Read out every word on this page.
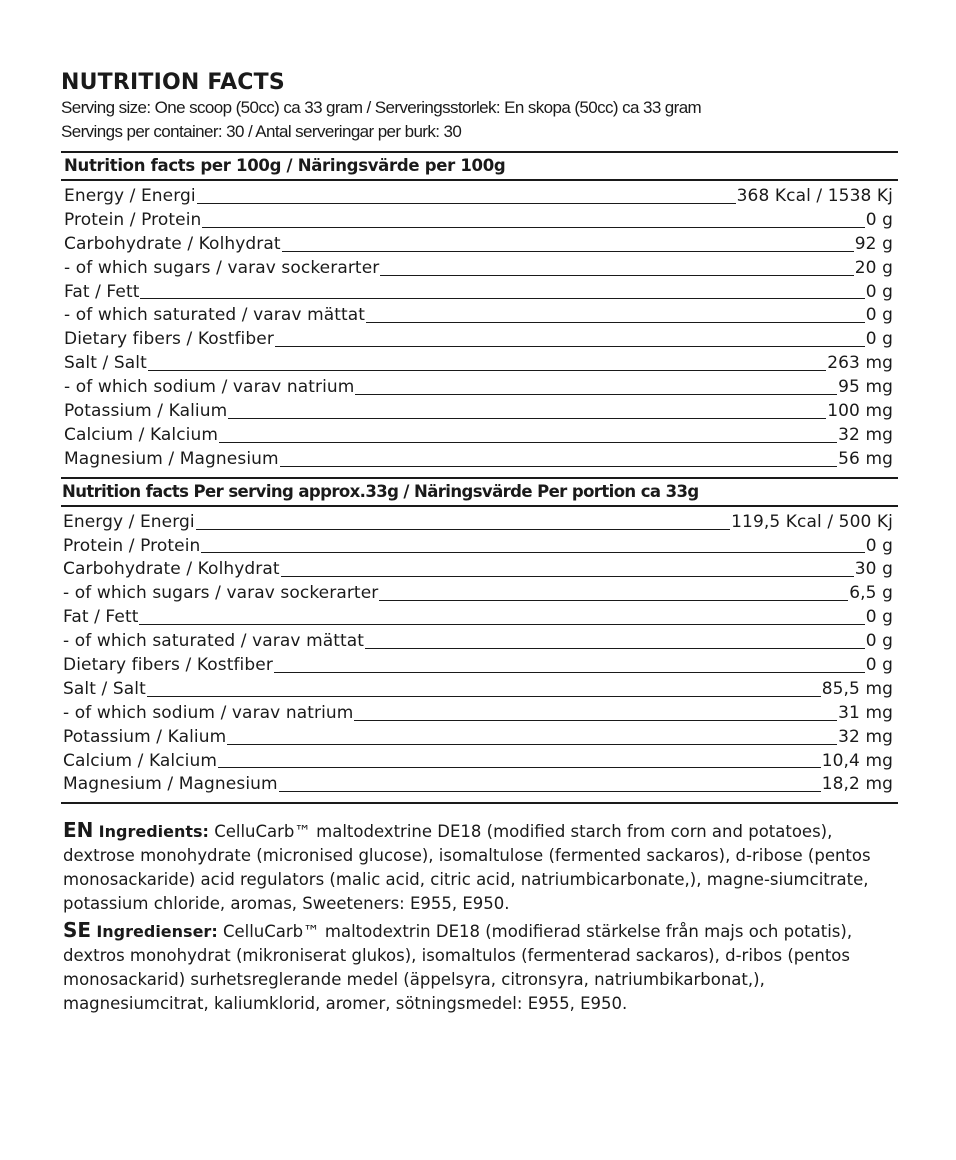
NUTRITION FACTS
Serving size: One scoop (50cc) ca 33 gram / Serveringsstorlek: En skopa (50cc) ca 33 gram
Servings per container: 30 / Antal serveringar per burk: 30
Nutrition facts per 100g / Näringsvärde per 100g
Energy / Energi	368 Kcal / 1538 Kj
Protein / Protein	0 g
Carbohydrate / Kolhydrat	92 g
- of which sugars / varav sockerarter	20 g
Fat / Fett	0 g
- of which saturated / varav mättat	0 g
Dietary fibers / Kostfiber	0 g
Salt / Salt	263 mg
- of which sodium / varav natrium	95 mg
Potassium / Kalium	100 mg
Calcium / Kalcium	32 mg
Magnesium / Magnesium	56 mg
Nutrition facts Per serving approx.33g / Näringsvärde Per portion ca 33g
Energy / Energi	119,5 Kcal / 500 Kj
Protein / Protein	0 g
Carbohydrate / Kolhydrat	30 g
- of which sugars / varav sockerarter	6,5 g
Fat / Fett	0 g
- of which saturated / varav mättat	0 g
Dietary fibers / Kostfiber	0 g
Salt / Salt	85,5 mg
- of which sodium / varav natrium	31 mg
Potassium / Kalium	32 mg
Calcium / Kalcium	10,4 mg
Magnesium / Magnesium	18,2 mg
EN Ingredients: CelluCarb™ maltodextrine DE18 (modified starch from corn and potatoes), dextrose monohydrate (micronised glucose), isomaltulose (fermented sackaros), d-ribose (pentos monosackaride) acid regulators (malic acid, citric acid, natriumbicarbonate,), magne-siumcitrate, potassium chloride, aromas, Sweeteners: E955, E950.
SE Ingredienser: CelluCarb™ maltodextrin DE18 (modifierad stärkelse från majs och potatis), dextros monohydrat (mikroniserat glukos), isomaltulos (fermenterad sackaros), d-ribos (pentos monosackarid) surhetsreglerande medel (äppelsyra, citronsyra, natriumbikarbonat,), magnesiumcitrat, kaliumklorid, aromer, sötningsmedel: E955, E950.
